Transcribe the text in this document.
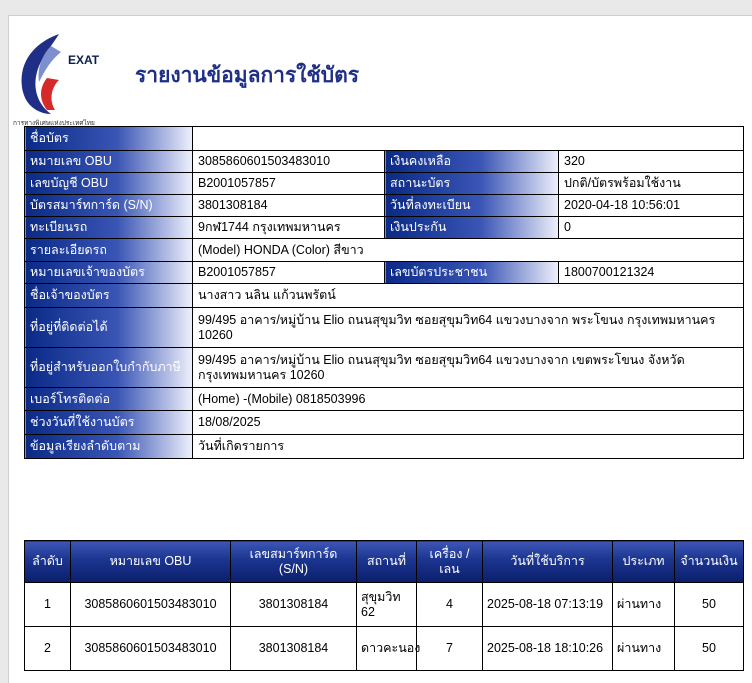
EXAT
การทางพิเศษแห่งประเทศไทย
รายงานข้อมูลการใช้บัตร
ชื่อบัตร			
หมายเลข OBU	3085860601503483010	เงินคงเหลือ	320
เลขบัญชี OBU	B2001057857	สถานะบัตร	ปกติ/บัตรพร้อมใช้งาน
บัตรสมาร์ทการ์ด (S/N)	3801308184	วันที่ลงทะเบียน	2020-04-18 10:56:01
ทะเบียนรถ	9กฬ1744 กรุงเทพมหานคร	เงินประกัน	0
รายละเอียดรถ	(Model) HONDA (Color) สีขาว		
หมายเลขเจ้าของบัตร	B2001057857	เลขบัตรประชาชน	1800700121324
ชื่อเจ้าของบัตร	นางสาว นลิน แก้วนพรัตน์		
ที่อยู่ที่ติดต่อได้	99/495 อาคาร/หมู่บ้าน Elio ถนนสุขุมวิท ซอยสุขุมวิท64 แขวงบางจาก พระโขนง กรุงเทพมหานคร 10260		
ที่อยู่สำหรับออกใบกำกับภาษี	99/495 อาคาร/หมู่บ้าน Elio ถนนสุขุมวิท ซอยสุขุมวิท64 แขวงบางจาก เขตพระโขนง จังหวัดกรุงเทพมหานคร 10260		
เบอร์โทรติดต่อ	(Home) -(Mobile) 0818503996		
ช่วงวันที่ใช้งานบัตร	18/08/2025		
ข้อมูลเรียงลำดับตาม	วันที่เกิดรายการ		
ลำดับ	หมายเลข OBU	เลขสมาร์ทการ์ด (S/N)	สถานที่	เครื่อง /เลน	วันที่ใช้บริการ	ประเภท	จำนวนเงิน
1	3085860601503483010	3801308184	สุขุมวิท 62	4	2025-08-18 07:13:19	ผ่านทาง	50
2	3085860601503483010	3801308184	ดาวคะนอง	7	2025-08-18 18:10:26	ผ่านทาง	50
